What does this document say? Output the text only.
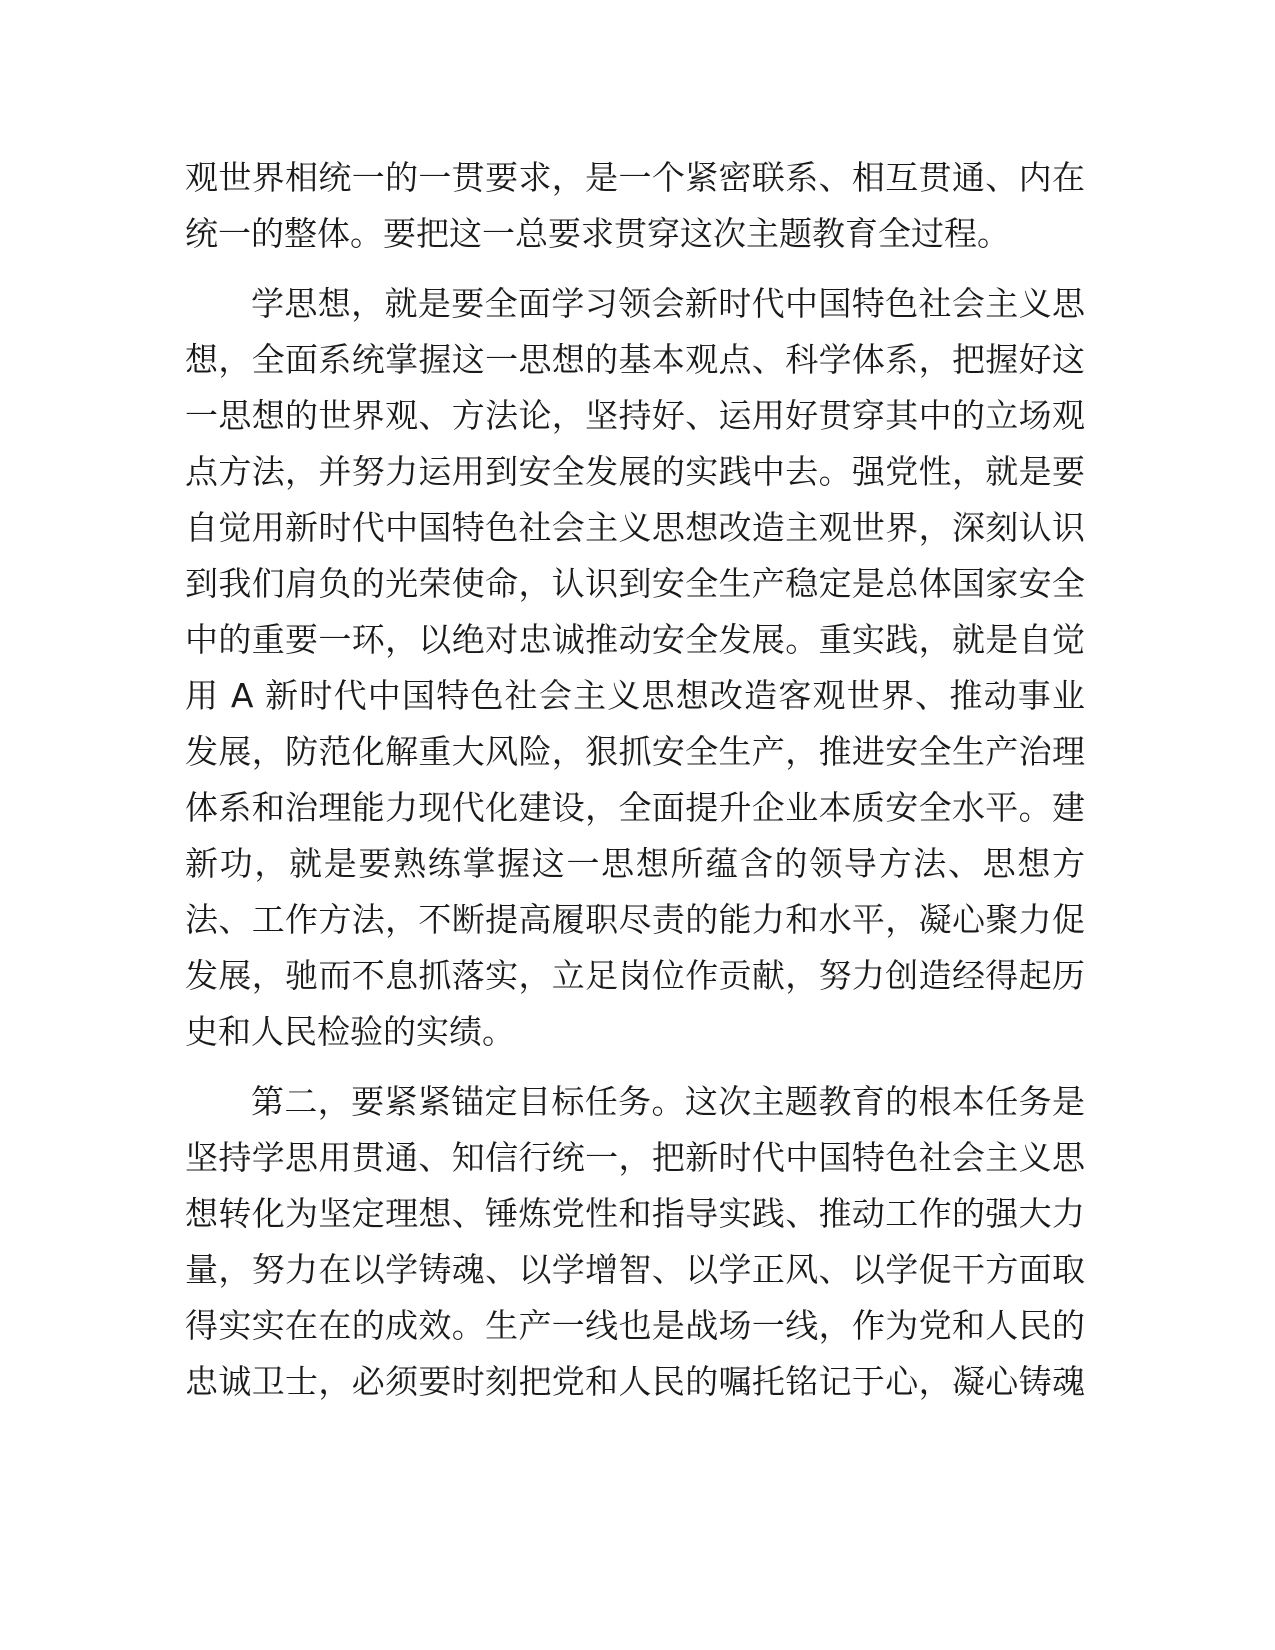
观世界相统一的一贯要求，是一个紧密联系、相互贯通、内在
统一的整体。要把这一总要求贯穿这次主题教育全过程。
学思想，就是要全面学习领会新时代中国特色社会主义思
想，全面系统掌握这一思想的基本观点、科学体系，把握好这
一思想的世界观、方法论，坚持好、运用好贯穿其中的立场观
点方法，并努力运用到安全发展的实践中去。强党性，就是要
自觉用新时代中国特色社会主义思想改造主观世界，深刻认识
到我们肩负的光荣使命，认识到安全生产稳定是总体国家安全
中的重要一环，以绝对忠诚推动安全发展。重实践，就是自觉
用 A 新时代中国特色社会主义思想改造客观世界、推动事业
发展，防范化解重大风险，狠抓安全生产，推进安全生产治理
体系和治理能力现代化建设，全面提升企业本质安全水平。建
新功，就是要熟练掌握这一思想所蕴含的领导方法、思想方
法、工作方法，不断提高履职尽责的能力和水平，凝心聚力促
发展，驰而不息抓落实，立足岗位作贡献，努力创造经得起历
史和人民检验的实绩。
第二，要紧紧锚定目标任务。这次主题教育的根本任务是
坚持学思用贯通、知信行统一，把新时代中国特色社会主义思
想转化为坚定理想、锤炼党性和指导实践、推动工作的强大力
量，努力在以学铸魂、以学增智、以学正风、以学促干方面取
得实实在在的成效。生产一线也是战场一线，作为党和人民的
忠诚卫士，必须要时刻把党和人民的嘱托铭记于心，凝心铸魂
